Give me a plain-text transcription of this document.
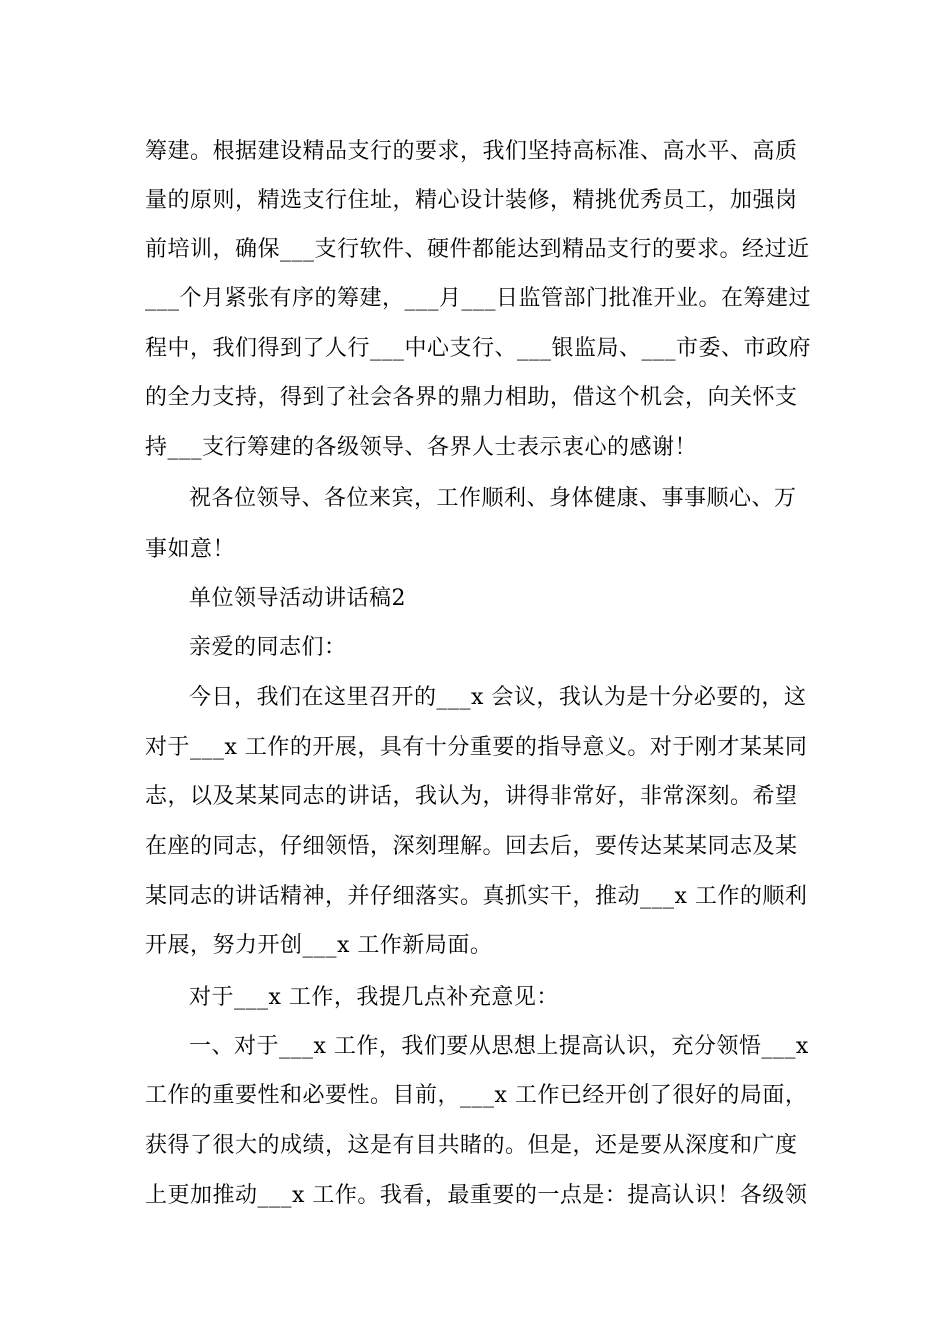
筹建。根据建设精品支行的要求，我们坚持高标准、高水平、高质
量的原则，精选支行住址，精心设计装修，精挑优秀员工，加强岗
前培训，确保___支行软件、硬件都能达到精品支行的要求。经过近
___个月紧张有序的筹建，___月___日监管部门批准开业。在筹建过
程中，我们得到了人行___中心支行、___银监局、___市委、市政府
的全力支持，得到了社会各界的鼎力相助，借这个机会，向关怀支
持___支行筹建的各级领导、各界人士表示衷心的感谢！
祝各位领导、各位来宾，工作顺利、身体健康、事事顺心、万
事如意！
单位领导活动讲话稿2
亲爱的同志们：
今日，我们在这里召开的___x 会议，我认为是十分必要的，这
对于___x 工作的开展，具有十分重要的指导意义。对于刚才某某同
志，以及某某同志的讲话，我认为，讲得非常好，非常深刻。希望
在座的同志，仔细领悟，深刻理解。回去后，要传达某某同志及某
某同志的讲话精神，并仔细落实。真抓实干，推动___x 工作的顺利
开展，努力开创___x 工作新局面。
对于___x 工作，我提几点补充意见：
一、对于___x 工作，我们要从思想上提高认识，充分领悟___x
工作的重要性和必要性。目前，___x 工作已经开创了很好的局面，
获得了很大的成绩，这是有目共睹的。但是，还是要从深度和广度
上更加推动___x 工作。我看，最重要的一点是：提高认识！各级领
